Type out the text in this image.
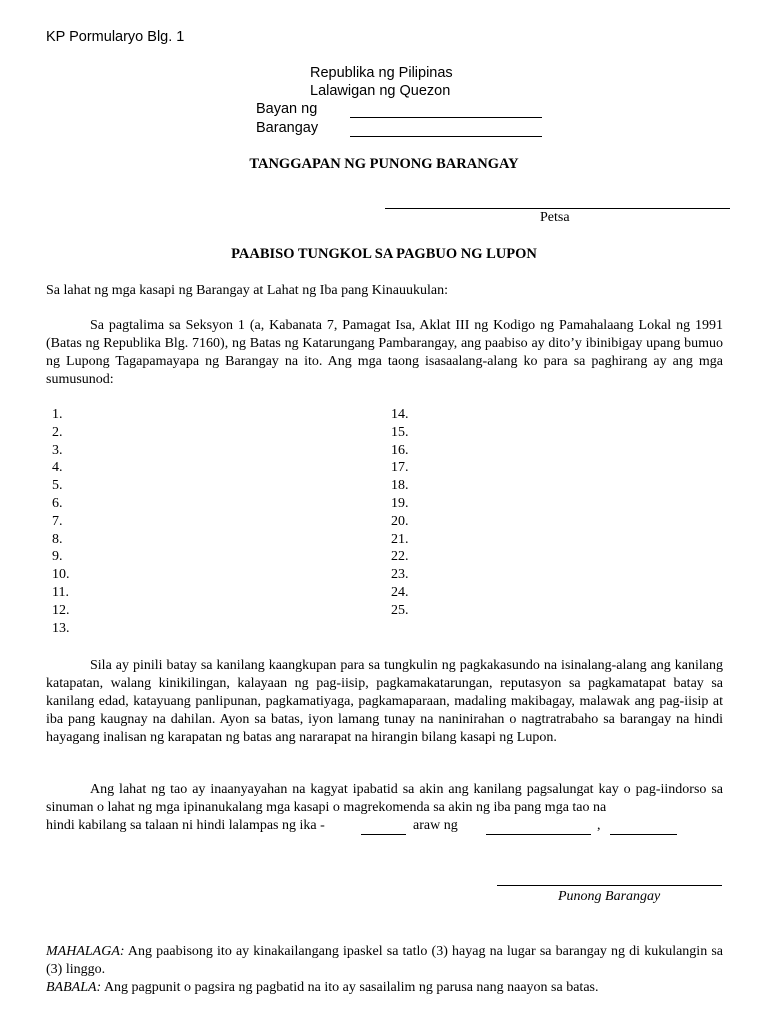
KP Pormularyo Blg. 1
Republika ng Pilipinas
Lalawigan ng Quezon
Bayan ng
Barangay
TANGGAPAN NG PUNONG BARANGAY
Petsa
PAABISO TUNGKOL SA PAGBUO NG LUPON
Sa lahat ng mga kasapi ng Barangay at Lahat ng Iba pang Kinauukulan:
Sa pagtalima sa Seksyon 1 (a, Kabanata 7, Pamagat Isa, Aklat III ng Kodigo ng Pamahalaang Lokal ng 1991 (Batas ng Republika Blg. 7160), ng Batas ng Katarungang Pambarangay, ang paabiso ay dito’y ibinibigay upang bumuo ng Lupong Tagapamayapa ng Barangay na ito. Ang mga taong isasaalang-alang ko para sa paghirang ay ang mga sumusunod:
1.
2.
3.
4.
5.
6.
7.
8.
9.
10.
11.
12.
13.
14.
15.
16.
17.
18.
19.
20.
21.
22.
23.
24.
25.
Sila ay pinili batay sa kanilang kaangkupan para sa tungkulin ng pagkakasundo na isinalang-alang ang kanilang katapatan, walang kinikilingan, kalayaan ng pag-iisip, pagkamakatarungan, reputasyon sa pagkamatapat batay sa kanilang edad, katayuang panlipunan, pagkamatiyaga, pagkamaparaan, madaling makibagay, malawak ang pag-iisip at iba pang kaugnay na dahilan. Ayon sa batas, iyon lamang tunay na naninirahan o nagtratrabaho sa barangay na hindi hayagang inalisan ng karapatan ng batas ang nararapat na hirangin bilang kasapi ng Lupon.
Ang lahat ng tao ay inaanyayahan na kagyat ipabatid sa akin ang kanilang pagsalungat kay o pag-iindorso sa sinuman o lahat ng mga ipinanukalang mga kasapi o magrekomenda sa akin ng iba pang mga tao na
hindi kabilang sa talaan ni hindi lalampas ng ika -	araw ng	,
Punong Barangay
MAHALAGA: Ang paabisong ito ay kinakailangang ipaskel sa tatlo (3) hayag na lugar sa barangay ng di kukulangin sa (3) linggo.
BABALA: Ang pagpunit o pagsira ng pagbatid na ito ay sasailalim ng parusa nang naayon sa batas.
